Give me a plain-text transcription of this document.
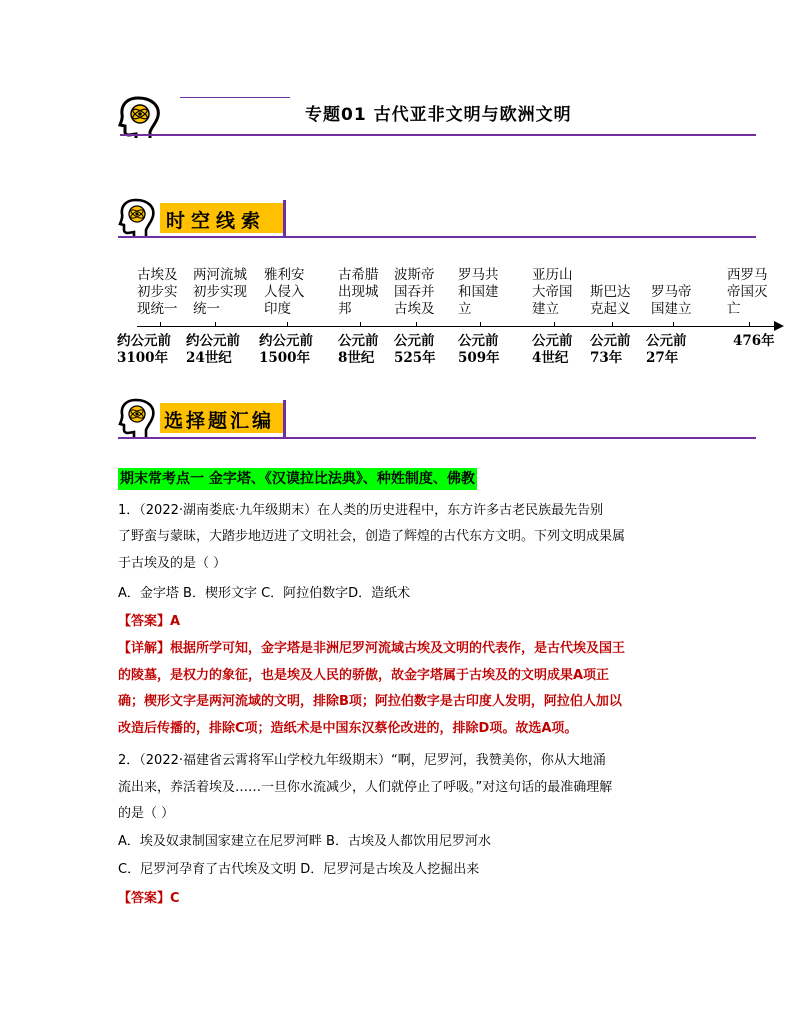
专题01 古代亚非文明与欧洲文明
时空线索
古埃及
初步实
现统一
两河流城
初步实现
统一
雅利安
人侵入
印度
古希腊
出现城
邦
波斯帝
国吞并
古埃及
罗马共
和国建
立
亚历山
大帝国
建立
斯巴达
克起义
罗马帝
国建立
西罗马
帝国灭
亡
约公元前
3100年
约公元前
24世纪
约公元前
1500年
公元前
8世纪
公元前
525年
公元前
509年
公元前
4世纪
公元前
73年
公元前
27年
476年
选择题汇编
期末常考点一 金字塔、《汉谟拉比法典》、种姓制度、佛教
1．（2022·湖南娄底·九年级期末）在人类的历史进程中，东方许多古老民族最先告别
了野蛮与蒙昧，大踏步地迈进了文明社会，创造了辉煌的古代东方文明。下列文明成果属
于古埃及的是（ ）
A．金字塔 B．楔形文字 C．阿拉伯数字D．造纸术
【答案】A
【详解】根据所学可知，金字塔是非洲尼罗河流域古埃及文明的代表作，是古代埃及国王
的陵墓，是权力的象征，也是埃及人民的骄傲，故金字塔属于古埃及的文明成果A项正
确；楔形文字是两河流域的文明，排除B项；阿拉伯数字是古印度人发明，阿拉伯人加以
改造后传播的，排除C项；造纸术是中国东汉蔡伦改进的，排除D项。故选A项。
2．（2022·福建省云霄将军山学校九年级期末）“啊，尼罗河，我赞美你，你从大地涌
流出来，养活着埃及……一旦你水流减少，人们就停止了呼吸。”对这句话的最准确理解
的是（ ）
A．埃及奴隶制国家建立在尼罗河畔 B．古埃及人都饮用尼罗河水
C．尼罗河孕育了古代埃及文明 D．尼罗河是古埃及人挖掘出来
【答案】C
